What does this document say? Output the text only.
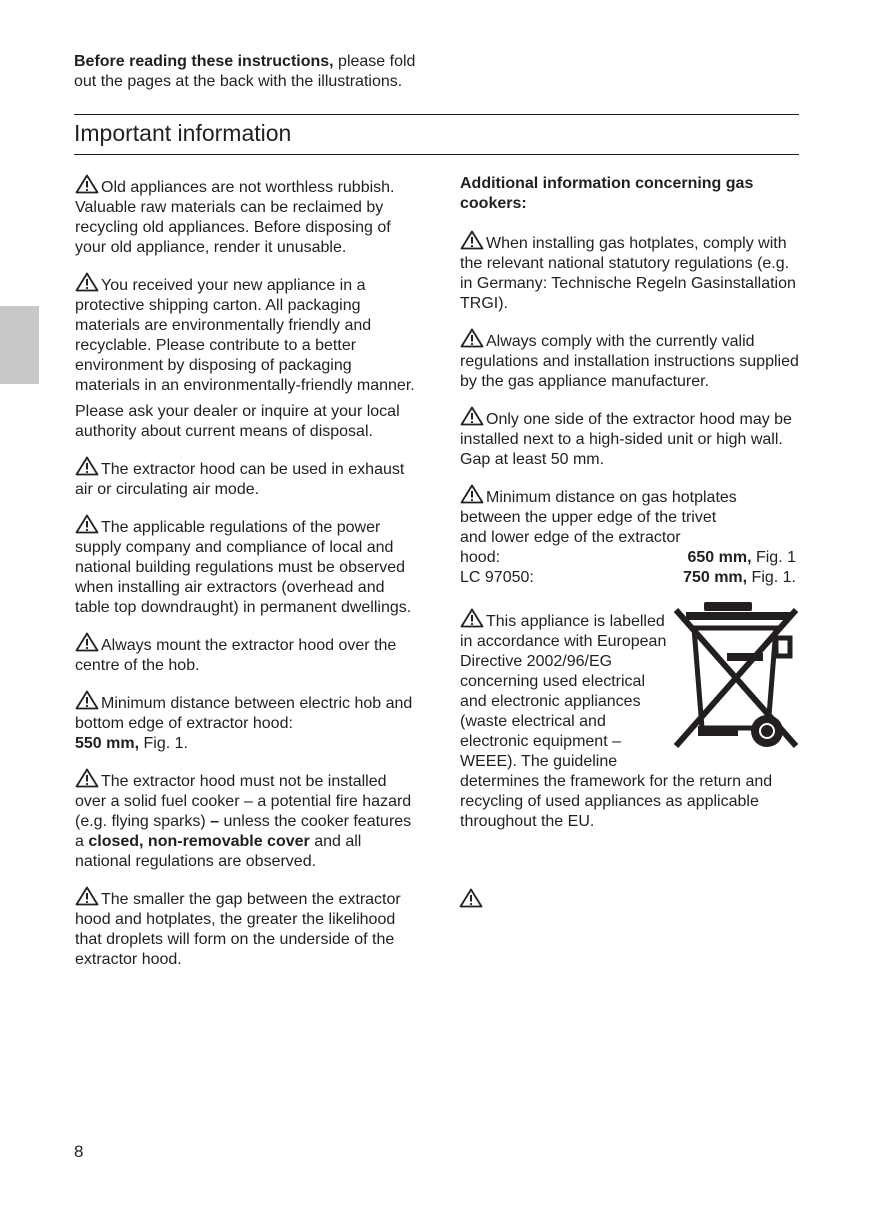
Before reading these instructions, please fold
out the pages at the back with the illustrations.
Important information

Old appliances are not worthless rubbish. Valuable raw materials can be reclaimed by recycling old appliances. Before disposing of your old appliance, render it unusable.

You received your new appliance in a protective shipping carton. All packaging materials are environmentally friendly and recyclable. Please contribute to a better environment by disposing of packaging materials in an environmentally-friendly manner.

Please ask your dealer or inquire at your local authority about current means of disposal.

The extractor hood can be used in exhaust air or circulating air mode.

The applicable regulations of the power supply company and compliance of local and national building regulations must be observed when installing air extractors (overhead and table top downdraught) in permanent dwellings.

Always mount the extractor hood over the centre of the hob.

Minimum distance between electric hob and bottom edge of extractor hood:
550 mm, Fig. 1.

The extractor hood must not be installed over a solid fuel cooker – a potential fire hazard (e.g. flying sparks) – unless the cooker features a closed, non-removable cover and all national regulations are observed.

The smaller the gap between the extractor hood and hotplates, the greater the likelihood that droplets will form on the underside of the extractor hood.

Additional information concerning gas cookers:

When installing gas hotplates, comply with the relevant national statutory regulations (e.g. in Germany: Technische Regeln Gasinstallation TRGI).

Always comply with the currently valid regulations and installation instructions supplied by the gas appliance manufacturer.

Only one side of the extractor hood may be installed next to a high-sided unit or high wall. Gap at least 50 mm.

Minimum distance on gas hotplates
between the upper edge of the trivet
and lower edge of the extractor

hood:	650 mm, Fig. 1
LC 97050:	750 mm, Fig. 1.

This appliance is labelled in accordance with European Directive 2002/96/EG concerning used electrical and electronic appliances (waste electrical and electronic equipment – WEEE). The guideline
determines the framework for the return and recycling of used appliances as applicable throughout the EU.
8
